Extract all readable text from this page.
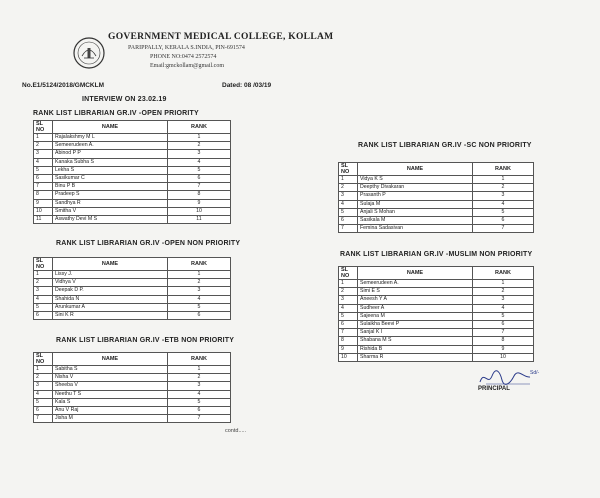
GOVERNMENT MEDICAL COLLEGE, KOLLAM
PARIPPALLY, KERALA S.INDIA, PIN-691574
PHONE NO:0474 2572574
Email:gmckollam@gmail.com
No.E1/5124/2018/GMCKLM	Dated: 08 /03/19
INTERVIEW ON 23.02.19
RANK LIST LIBRARIAN GR.IV -OPEN PRIORITY
SL
NO	NAME	RANK
1	Rajalakshmy M L	1
2	Semeerudeen A.	2
3	Abinod P P	3
4	Kanaka Subha S	4
5	Lekha S	5
6	Sasikumar C	6
7	Binu P B	7
8	Pradeep S	8
9	Sandhya R	9
10	Smitha V	10
11	Aswathy Devi M S	11
RANK LIST LIBRARIAN GR.IV -OPEN NON PRIORITY
SL
NO	NAME	RANK
1	Lissy J.	1
2	Vidhya V	2
3	Deepak D P.	3
4	Shahida N	4
5	Arunkumar A	5
6	Sini K R	6
RANK LIST LIBRARIAN GR.IV -ETB NON PRIORITY
SL
NO	NAME	RANK
1	Sabitha S	1
2	Nisha V	2
3	Sheeba V	3
4	Neethu T S	4
5	Kala S	5
6	Anu V Raj	6
7	Jisha M	7
RANK LIST LIBRARIAN GR.IV -SC NON PRIORITY
SL
NO	NAME	RANK
1	Vidya K S	1
2	Deepthy Divakaran	2
3	Prasanth P	3
4	Sulaja M	4
5	Anjali S Mohan	5
6	Sasikala M	6
7	Femina Sadasivan	7
RANK LIST LIBRARIAN GR.IV -MUSLIM NON PRIORITY
SL
NO	NAME	RANK
1	Semeerudeen A.	1
2	Simi E S	2
3	Aneesh Y A	3
4	Sudheer A	4
5	Sajeena M	5
6	Sulaikha Beevi P	6
7	Sanjal K I	7
8	Shabana M S	8
9	Rishida B	9
10	Sharma R	10
contd.....
Sd/-
PRINCIPAL
